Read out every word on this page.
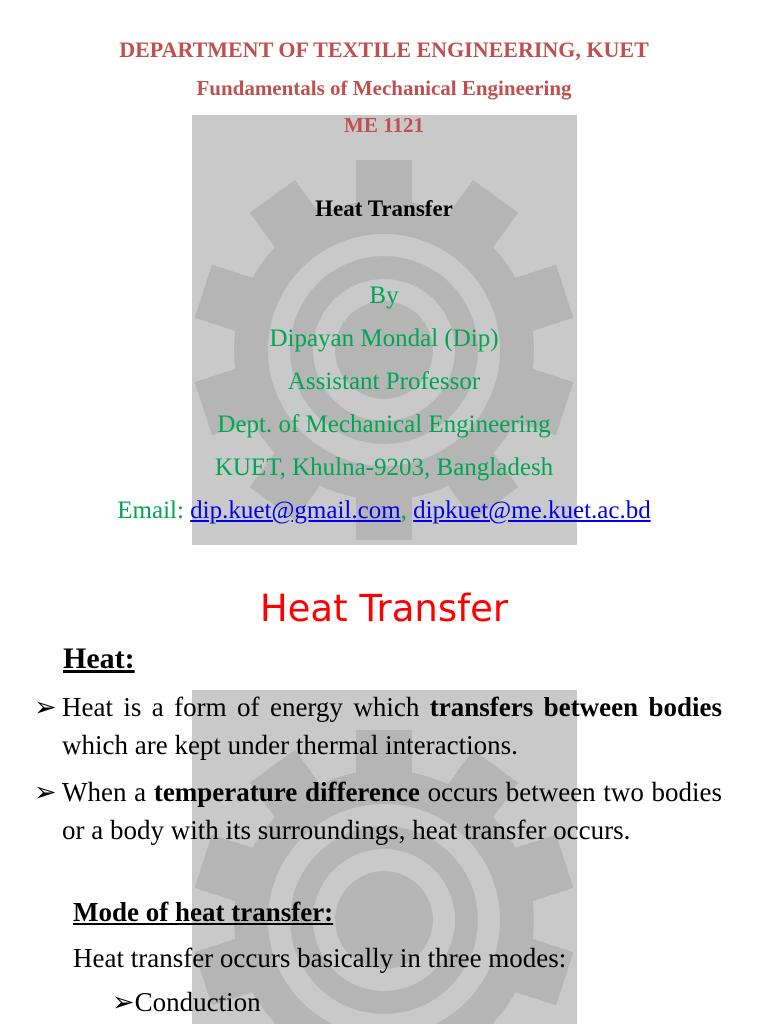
DEPARTMENT OF TEXTILE ENGINEERING, KUET
Fundamentals of Mechanical Engineering
ME 1121
Heat Transfer
By
Dipayan Mondal (Dip)
Assistant Professor
Dept. of Mechanical Engineering
KUET, Khulna-9203, Bangladesh
Email: dip.kuet@gmail.com, dipkuet@me.kuet.ac.bd
Heat Transfer
Heat:
➢ Heat is a form of energy which transfers between bodies which are kept under thermal interactions.
➢ When a temperature difference occurs between two bodies or a body with its surroundings, heat transfer occurs.
Mode of heat transfer:
Heat transfer occurs basically in three modes:
➢Conduction
